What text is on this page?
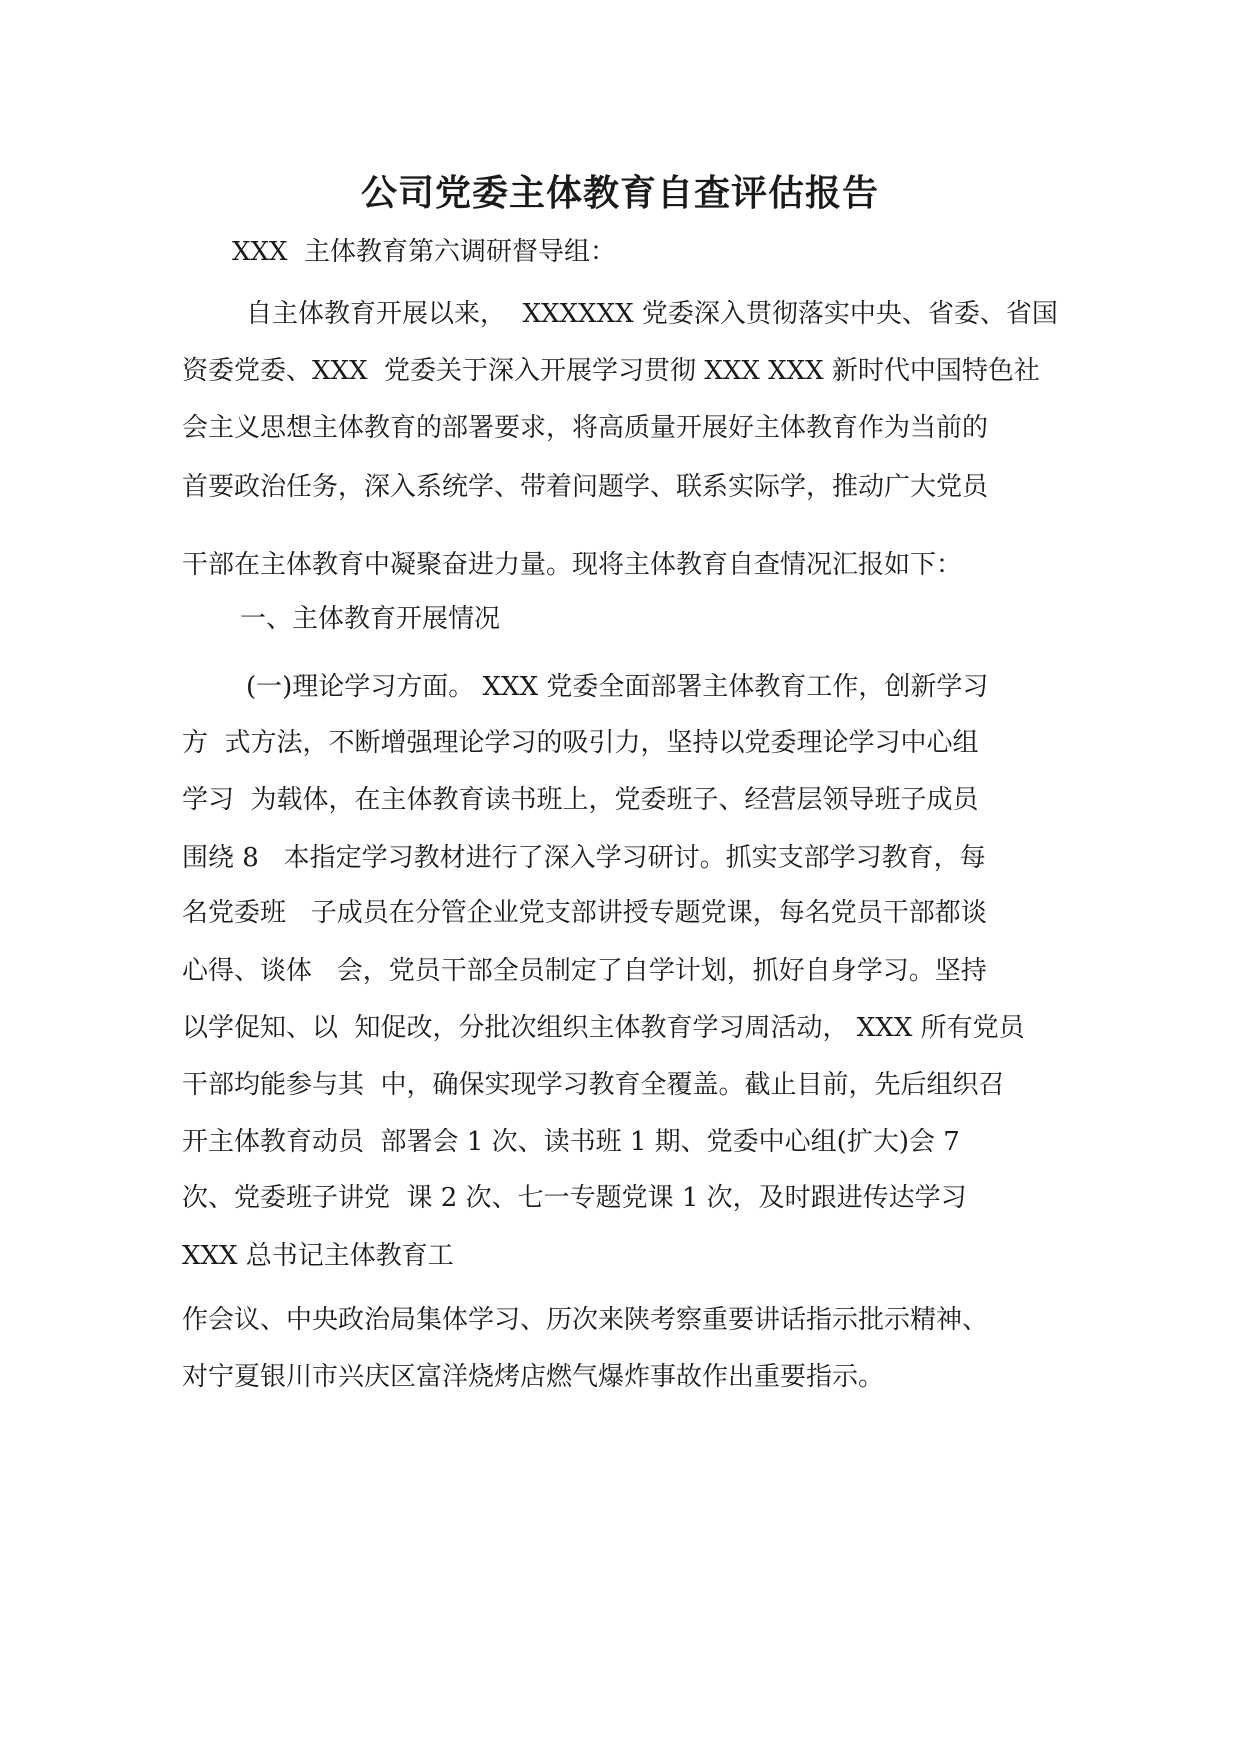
公司党委主体教育自查评估报告

XXX  主体教育第六调研督导组：

自主体教育开展以来，  XXXXXX 党委深入贯彻落实中央、省委、省国

资委党委、XXX  党委关于深入开展学习贯彻 XXX XXX 新时代中国特色社

会主义思想主体教育的部署要求，将高质量开展好主体教育作为当前的

首要政治任务，深入系统学、带着问题学、联系实际学，推动广大党员

干部在主体教育中凝聚奋进力量。现将主体教育自查情况汇报如下：

一、主体教育开展情况

(一)理论学习方面。 XXX 党委全面部署主体教育工作，创新学习

方  式方法，不断增强理论学习的吸引力，坚持以党委理论学习中心组

学习  为载体，在主体教育读书班上，党委班子、经营层领导班子成员

围绕 8   本指定学习教材进行了深入学习研讨。抓实支部学习教育，每

名党委班   子成员在分管企业党支部讲授专题党课，每名党员干部都谈

心得、谈体   会，党员干部全员制定了自学计划，抓好自身学习。坚持

以学促知、以  知促改，分批次组织主体教育学习周活动， XXX 所有党员

干部均能参与其  中，确保实现学习教育全覆盖。截止目前，先后组织召

开主体教育动员  部署会 1 次、读书班 1 期、党委中心组(扩大)会 7

次、党委班子讲党  课 2 次、七一专题党课 1 次，及时跟进传达学习

XXX 总书记主体教育工

作会议、中央政治局集体学习、历次来陕考察重要讲话指示批示精神、

对宁夏银川市兴庆区富洋烧烤店燃气爆炸事故作出重要指示。
